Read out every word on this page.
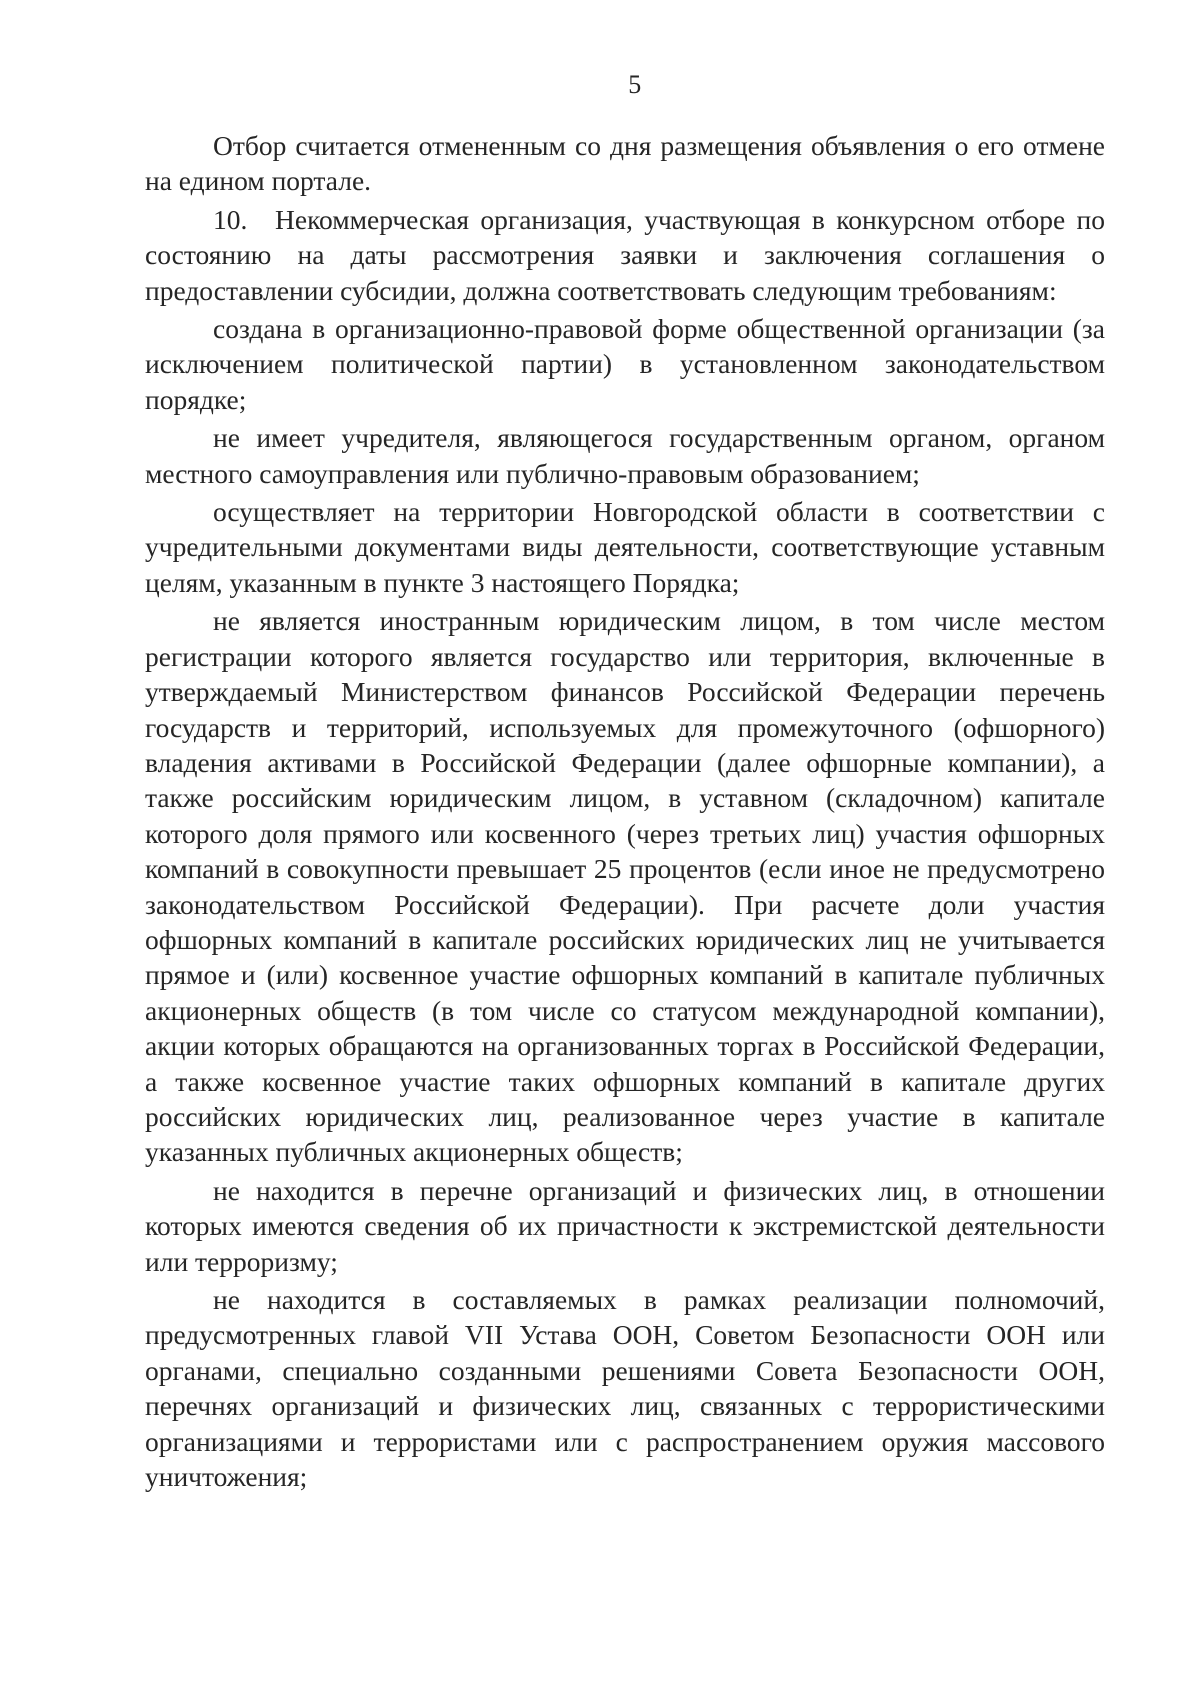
5

Отбор считается отмененным со дня размещения объявления о его отмене на едином портале.

10. Некоммерческая организация, участвующая в конкурсном отборе по состоянию на даты рассмотрения заявки и заключения соглашения о предоставлении субсидии, должна соответствовать следующим требованиям:

создана в организационно-правовой форме общественной организации (за исключением политической партии) в установленном законодательством порядке;

не имеет учредителя, являющегося государственным органом, органом местного самоуправления или публично-правовым образованием;

осуществляет на территории Новгородской области в соответствии с учредительными документами виды деятельности, соответствующие уставным целям, указанным в пункте 3 настоящего Порядка;

не является иностранным юридическим лицом, в том числе местом регистрации которого является государство или территория, включенные в утверждаемый Министерством финансов Российской Федерации перечень государств и территорий, используемых для промежуточного (офшорного) владения активами в Российской Федерации (далее офшорные компании), а также российским юридическим лицом, в уставном (складочном) капитале которого доля прямого или косвенного (через третьих лиц) участия офшорных компаний в совокупности превышает 25 процентов (если иное не предусмотрено законодательством Российской Федерации). При расчете доли участия офшорных компаний в капитале российских юридических лиц не учитывается прямое и (или) косвенное участие офшорных компаний в капитале публичных акционерных обществ (в том числе со статусом международной компании), акции которых обращаются на организованных торгах в Российской Федерации, а также косвенное участие таких офшорных компаний в капитале других российских юридических лиц, реализованное через участие в капитале указанных публичных акционерных обществ;

не находится в перечне организаций и физических лиц, в отношении которых имеются сведения об их причастности к экстремистской деятельности или терроризму;

не находится в составляемых в рамках реализации полномочий, предусмотренных главой VII Устава ООН, Советом Безопасности ООН или органами, специально созданными решениями Совета Безопасности ООН, перечнях организаций и физических лиц, связанных с террористическими организациями и террористами или с распространением оружия массового уничтожения;
